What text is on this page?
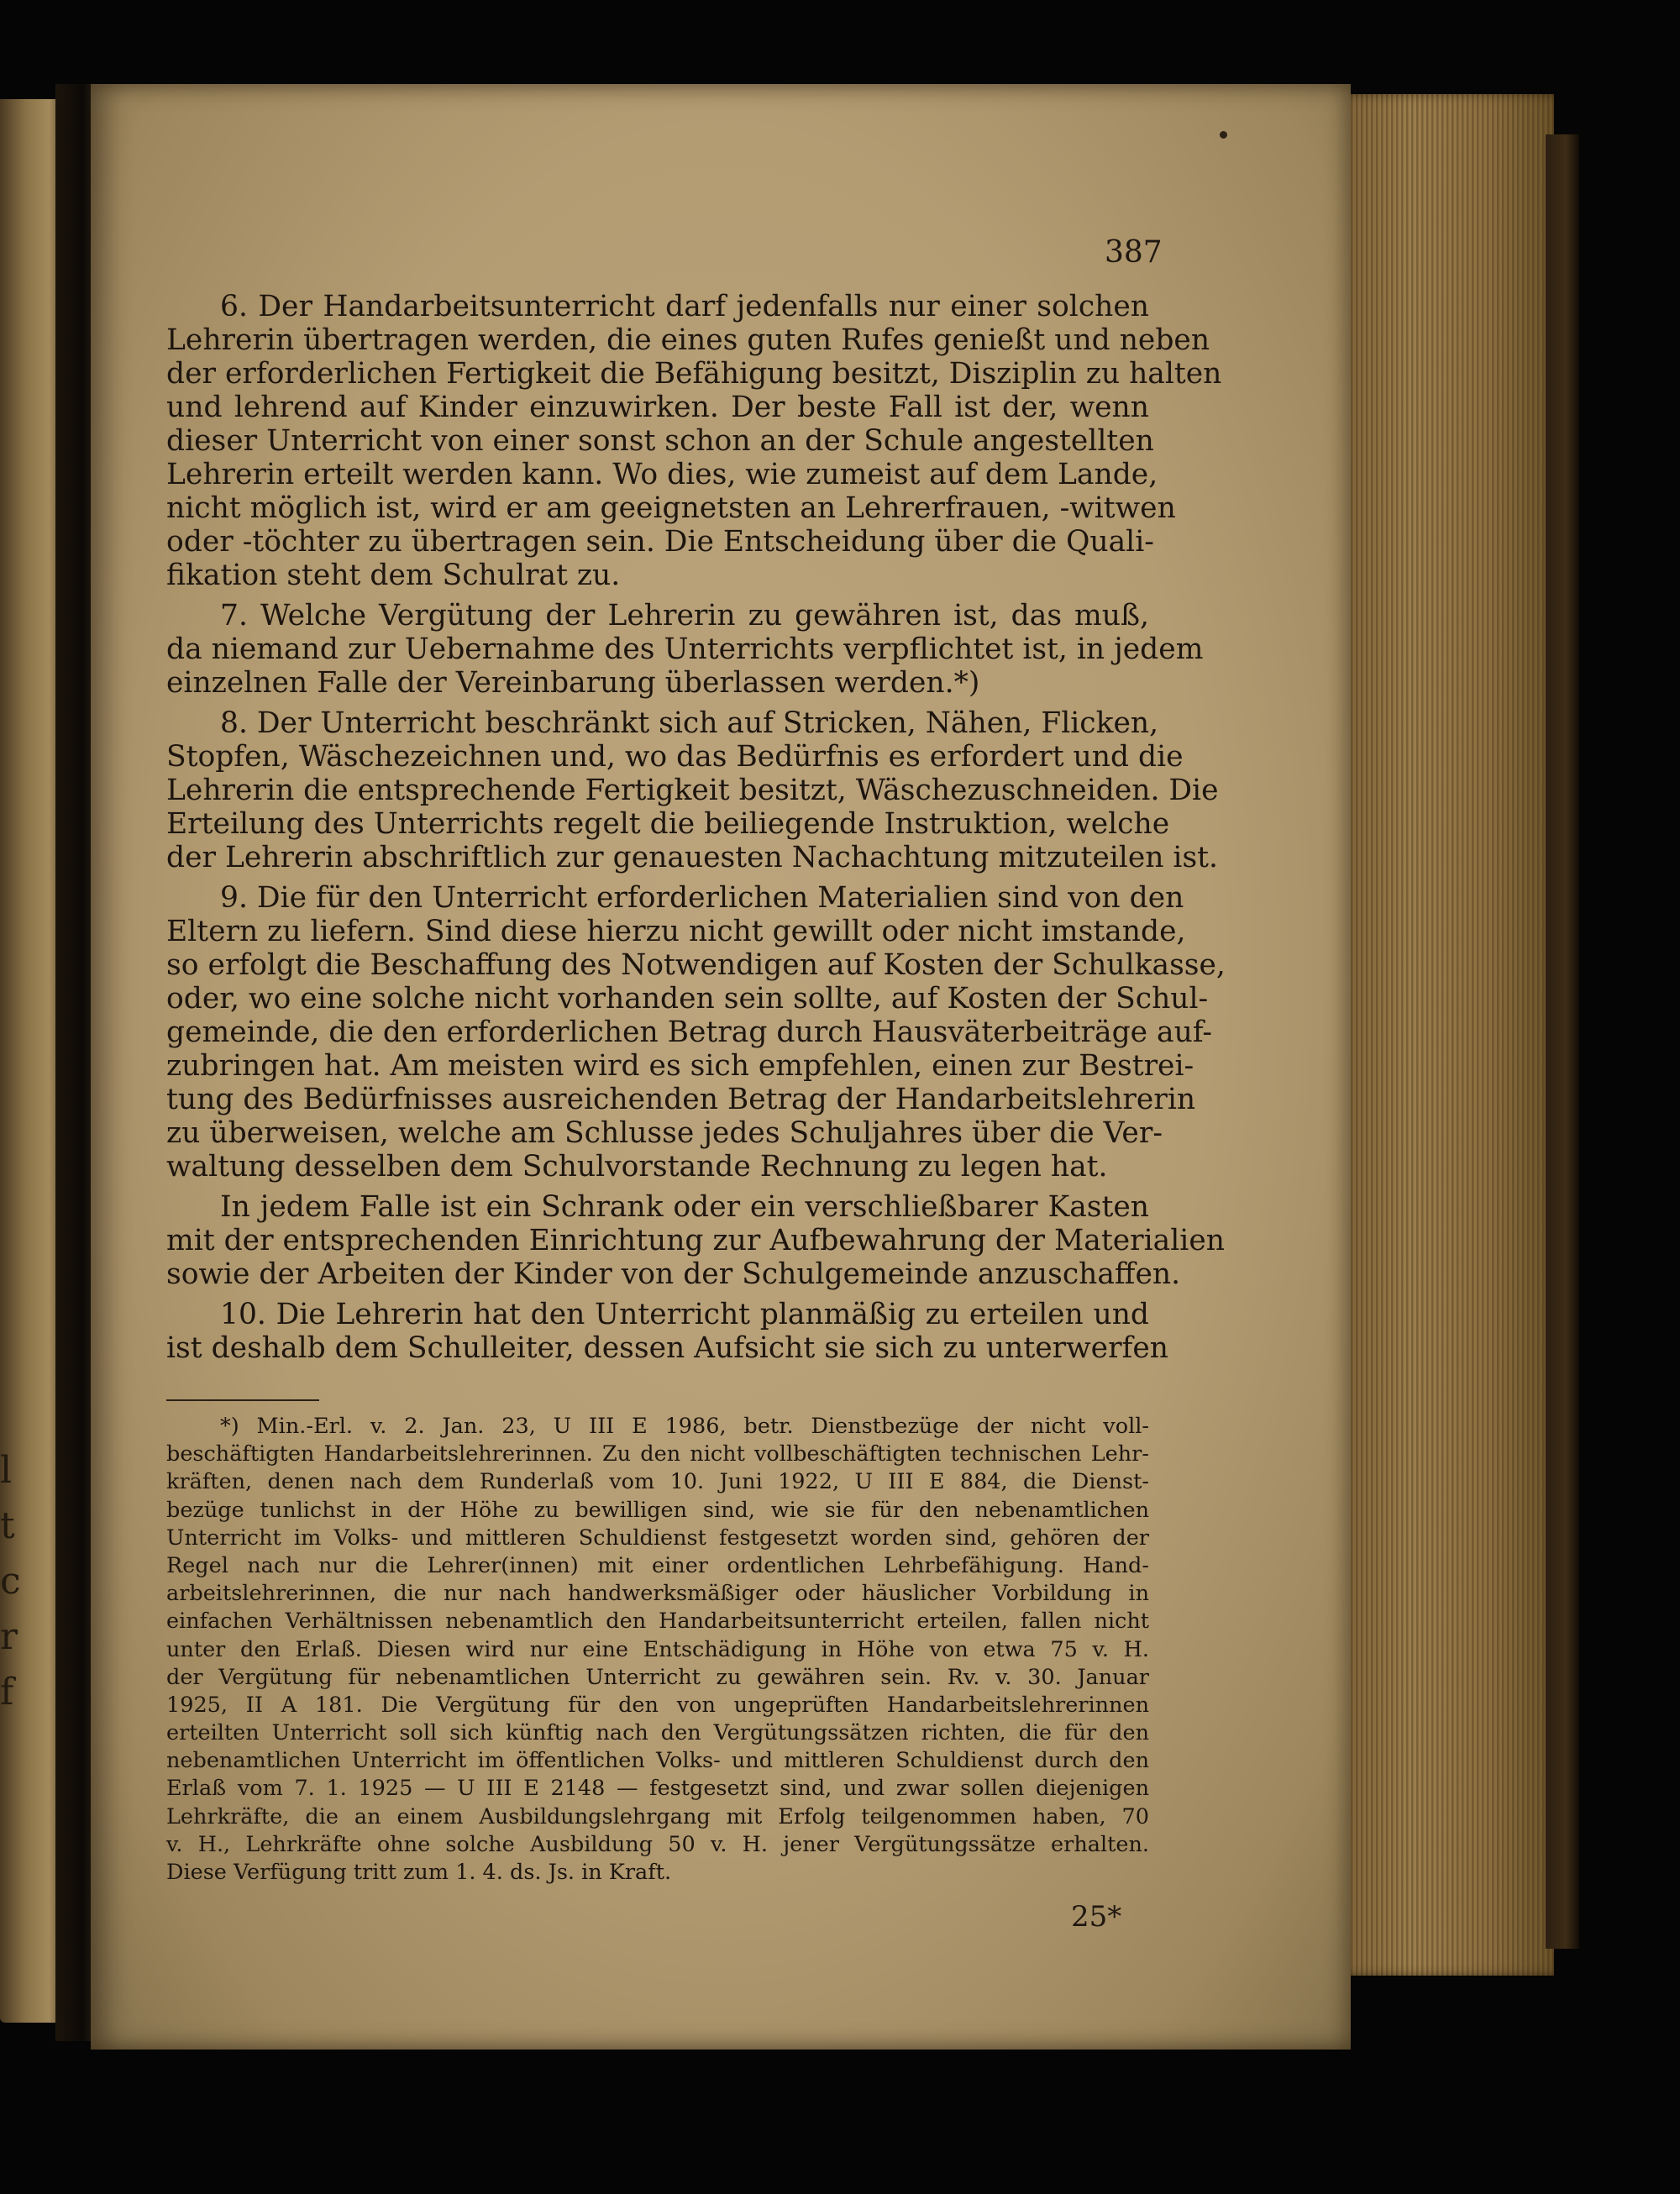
l
t
c
r
f
387
6. Der Handarbeitsunterricht darf jedenfalls nur einer solchen
Lehrerin übertragen werden, die eines guten Rufes genießt und neben
der erforderlichen Fertigkeit die Befähigung besitzt, Disziplin zu halten
und lehrend auf Kinder einzuwirken. Der beste Fall ist der, wenn
dieser Unterricht von einer sonst schon an der Schule angestellten
Lehrerin erteilt werden kann. Wo dies, wie zumeist auf dem Lande,
nicht möglich ist, wird er am geeignetsten an Lehrerfrauen, -witwen
oder -töchter zu übertragen sein. Die Entscheidung über die Quali-
fikation steht dem Schulrat zu.
7. Welche Vergütung der Lehrerin zu gewähren ist, das muß,
da niemand zur Uebernahme des Unterrichts verpflichtet ist, in jedem
einzelnen Falle der Vereinbarung überlassen werden.*)
8. Der Unterricht beschränkt sich auf Stricken, Nähen, Flicken,
Stopfen, Wäschezeichnen und, wo das Bedürfnis es erfordert und die
Lehrerin die entsprechende Fertigkeit besitzt, Wäschezuschneiden. Die
Erteilung des Unterrichts regelt die beiliegende Instruktion, welche
der Lehrerin abschriftlich zur genauesten Nachachtung mitzuteilen ist.
9. Die für den Unterricht erforderlichen Materialien sind von den
Eltern zu liefern. Sind diese hierzu nicht gewillt oder nicht imstande,
so erfolgt die Beschaffung des Notwendigen auf Kosten der Schulkasse,
oder, wo eine solche nicht vorhanden sein sollte, auf Kosten der Schul-
gemeinde, die den erforderlichen Betrag durch Hausväterbeiträge auf-
zubringen hat. Am meisten wird es sich empfehlen, einen zur Bestrei-
tung des Bedürfnisses ausreichenden Betrag der Handarbeitslehrerin
zu überweisen, welche am Schlusse jedes Schuljahres über die Ver-
waltung desselben dem Schulvorstande Rechnung zu legen hat.
In jedem Falle ist ein Schrank oder ein verschließbarer Kasten
mit der entsprechenden Einrichtung zur Aufbewahrung der Materialien
sowie der Arbeiten der Kinder von der Schulgemeinde anzuschaffen.
10. Die Lehrerin hat den Unterricht planmäßig zu erteilen und
ist deshalb dem Schulleiter, dessen Aufsicht sie sich zu unterwerfen
*) Min.-Erl. v. 2. Jan. 23, U III E 1986, betr. Dienstbezüge der nicht voll-
beschäftigten Handarbeitslehrerinnen. Zu den nicht vollbeschäftigten technischen Lehr-
kräften, denen nach dem Runderlaß vom 10. Juni 1922, U III E 884, die Dienst-
bezüge tunlichst in der Höhe zu bewilligen sind, wie sie für den nebenamtlichen
Unterricht im Volks- und mittleren Schuldienst festgesetzt worden sind, gehören der
Regel nach nur die Lehrer(innen) mit einer ordentlichen Lehrbefähigung. Hand-
arbeitslehrerinnen, die nur nach handwerksmäßiger oder häuslicher Vorbildung in
einfachen Verhältnissen nebenamtlich den Handarbeitsunterricht erteilen, fallen nicht
unter den Erlaß. Diesen wird nur eine Entschädigung in Höhe von etwa 75 v. H.
der Vergütung für nebenamtlichen Unterricht zu gewähren sein. Rv. v. 30. Januar
1925, II A 181. Die Vergütung für den von ungeprüften Handarbeitslehrerinnen
erteilten Unterricht soll sich künftig nach den Vergütungssätzen richten, die für den
nebenamtlichen Unterricht im öffentlichen Volks- und mittleren Schuldienst durch den
Erlaß vom 7. 1. 1925 — U III E 2148 — festgesetzt sind, und zwar sollen diejenigen
Lehrkräfte, die an einem Ausbildungslehrgang mit Erfolg teilgenommen haben, 70
v. H., Lehrkräfte ohne solche Ausbildung 50 v. H. jener Vergütungssätze erhalten.
Diese Verfügung tritt zum 1. 4. ds. Js. in Kraft.
25*
